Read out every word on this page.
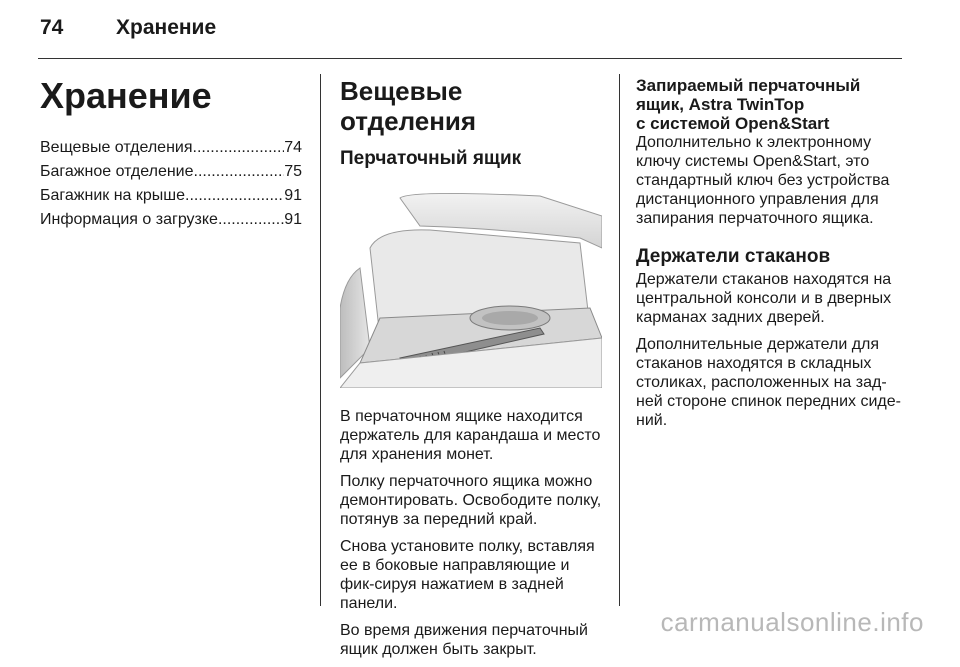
74	Хранение
Хранение
Вещевые отделения .....	74
Багажное отделение .....	75
Багажник на крыше .....	91
Информация о загрузке .....	91
Вещевые отделения
Перчаточный ящик

В перчаточном ящике находится держатель для карандаша и место для хранения монет.

Полку перчаточного ящика можно демонтировать. Освободите полку, потянув за передний край.

Снова установите полку, вставляя ее в боковые направляющие и фик-сируя нажатием в задней панели.

Во время движения перчаточный ящик должен быть закрыт.

Запираемый перчаточный
ящик, Astra TwinTop
с системой Open&Start

Дополнительно к электронному ключу системы Open&Start, это стандартный ключ без устройства дистанционного управления для запирания перчаточного ящика.

Держатели стаканов

Держатели стаканов находятся на центральной консоли и в дверных карманах задних дверей.

Дополнительные держатели для стаканов находятся в складных столиках, расположенных на зад-ней стороне спинок передних сиде-ний.

carmanualsonline.info
